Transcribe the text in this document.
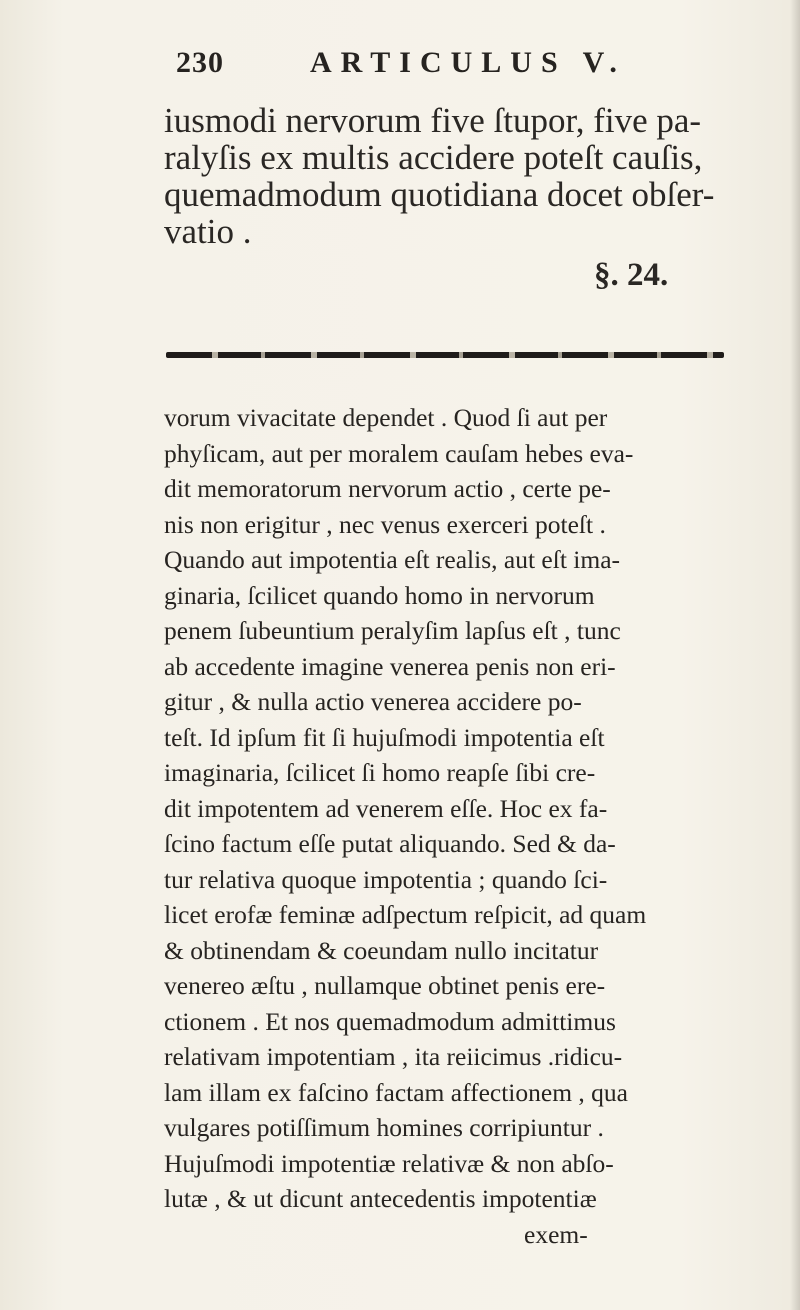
230	ARTICULUS V.
iusmodi nervorum five ſtupor, five pa-
ralyſis ex multis accidere poteſt cauſis,
quemadmodum quotidiana docet obſer-
vatio .
§. 24.
vorum vivacitate dependet . Quod ſi aut per
phyſicam, aut per moralem cauſam hebes eva-
dit memoratorum nervorum actio , certe pe-
nis non erigitur , nec venus exerceri poteſt .
Quando aut impotentia eſt realis, aut eſt ima-
ginaria, ſcilicet quando homo in nervorum
penem ſubeuntium peralyſim lapſus eſt , tunc
ab accedente imagine venerea penis non eri-
gitur , & nulla actio venerea accidere po-
teſt. Id ipſum fit ſi hujuſmodi impotentia eſt
imaginaria, ſcilicet ſi homo reapſe ſibi cre-
dit impotentem ad venerem eſſe. Hoc ex fa-
ſcino factum eſſe putat aliquando. Sed & da-
tur relativa quoque impotentia ; quando ſci-
licet erofæ feminæ adſpectum reſpicit, ad quam
& obtinendam & coeundam nullo incitatur
venereo æſtu , nullamque obtinet penis ere-
ctionem . Et nos quemadmodum admittimus
relativam impotentiam , ita reiicimus .ridicu-
lam illam ex faſcino factam affectionem , qua
vulgares potiſſimum homines corripiuntur .
Hujuſmodi impotentiæ relativæ & non abſo-
lutæ , & ut dicunt antecedentis impotentiæ
exem-
